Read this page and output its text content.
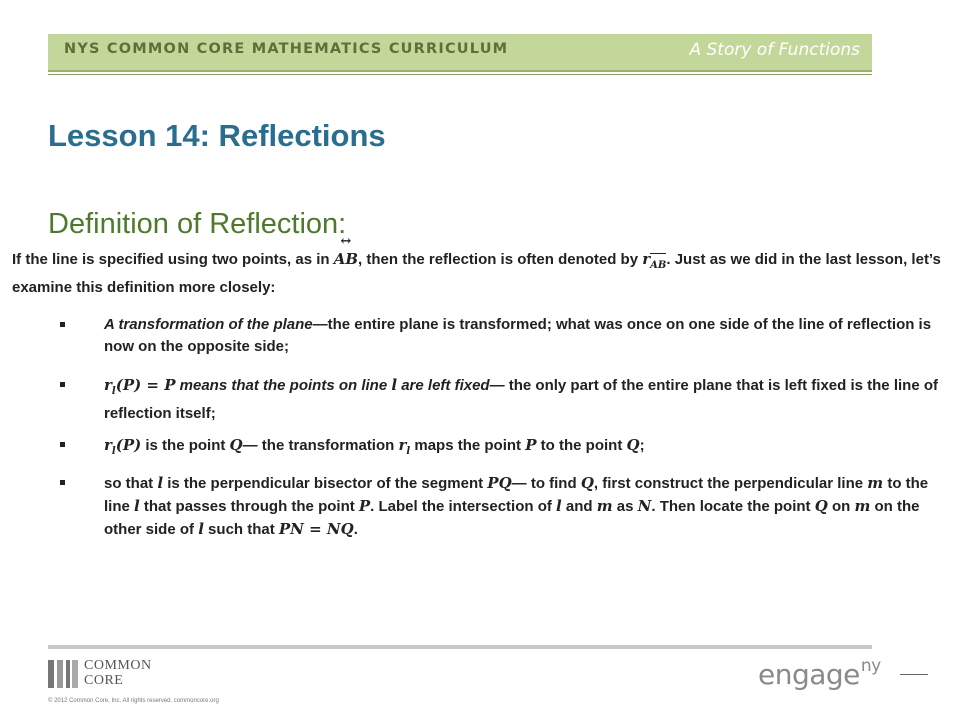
NYS COMMON CORE MATHEMATICS CURRICULUM	A Story of Functions
Lesson 14: Reflections
Definition of Reflection:
If the line is specified using two points, as in ↔ AB, then the reflection is often denoted by rAB. Just as we did in the last lesson, let’s examine this definition more closely:
A transformation of the plane—the entire plane is transformed; what was once on one side of the line of reflection is now on the opposite side;
$r_l(P) = P$ means that the points on line l are left fixed— the only part of the entire plane that is left fixed is the line of reflection itself;
$r_l(P)$ is the point Q— the transformation $r_l$ maps the point P to the point Q;
so that l is the perpendicular bisector of the segment PQ— to find Q, first construct the perpendicular line m to the line l that passes through the point P. Label the intersection of l and m as N. Then locate the point Q on m on the other side of l such that PN = NQ.
COMMON
CORE
© 2012 Common Core, Inc. All rights reserved. commoncore.org
engage$^{ny}$
